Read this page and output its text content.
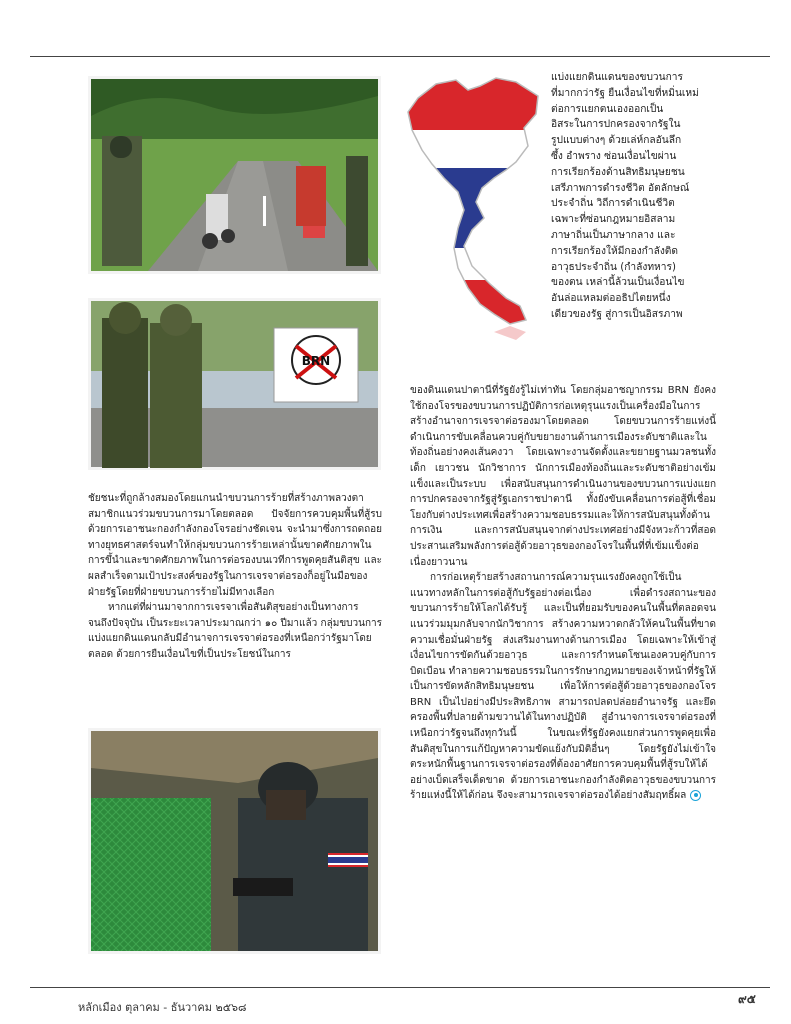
BRN

แบ่งแยกดินแดนของขบวนการ

ที่มากกว่ารัฐ ยืนเงื่อนไขที่หมิ่นเหม่

ต่อการแยกตนเองออกเป็น

อิสระในการปกครองจากรัฐใน

รูปแบบต่างๆ ด้วยเล่ห์กลอันลึก

ซึ้ง อำพราง ซ่อนเงื่อนไขผ่าน

การเรียกร้องด้านสิทธิมนุษยชน

เสรีภาพการดำรงชีวิต อัตลักษณ์

ประจำถิ่น วิถีการดำเนินชีวิต

เฉพาะที่ซ่อนกฎหมายอิสลาม

ภาษาถิ่นเป็นภาษากลาง และ

การเรียกร้องให้มีกองกำลังติด

อาวุธประจำถิ่น (กำลังทหาร)

ของตน เหล่านี้ล้วนเป็นเงื่อนไข

อันล่อแหลมต่ออธิปไตยหนึ่ง

เดียวของรัฐ สู่การเป็นอิสรภาพ

ของดินแดนปาตานีที่รัฐยังรู้ไม่เท่าทัน โดยกลุ่มอาชญากรรม BRN ยังคงใช้กองโจรของขบวนการปฏิบัติการก่อเหตุรุนแรงเป็นเครื่องมือในการสร้างอำนาจการเจรจาต่อรองมาโดยตลอด โดยขบวนการร้ายแห่งนี้ดำเนินการขับเคลื่อนควบคู่กับขยายงานด้านการเมืองระดับชาติและในท้องถิ่นอย่างคงเส้นคงวา โดยเฉพาะงานจัดตั้งและขยายฐานมวลชนทั้งเด็ก เยาวชน นักวิชาการ นักการเมืองท้องถิ่นและระดับชาติอย่างเข้มแข็งและเป็นระบบ เพื่อสนับสนุนการดำเนินงานของขบวนการแบ่งแยกการปกครองจากรัฐสู่รัฐเอกราชปาตานี ทั้งยังขับเคลื่อนการต่อสู้ที่เชื่อมโยงกับต่างประเทศเพื่อสร้างความชอบธรรมและให้การสนับสนุนทั้งด้านการเงิน และการสนับสนุนจากต่างประเทศอย่างมีจังหวะก้าวที่สอดประสานเสริมพลังการต่อสู้ด้วยอาวุธของกองโจรในพื้นที่ที่เข้มแข็งต่อเนื่องยาวนาน

การก่อเหตุร้ายสร้างสถานการณ์ความรุนแรงยังคงถูกใช้เป็นแนวทางหลักในการต่อสู้กับรัฐอย่างต่อเนื่อง เพื่อดำรงสถานะของขบวนการร้ายให้โลกได้รับรู้ และเป็นที่ยอมรับของคนในพื้นที่ตลอดจนแนวร่วมมุมกลับจากนักวิชาการ สร้างความหวาดกลัวให้คนในพื้นที่ขาดความเชื่อมั่นฝ่ายรัฐ ส่งเสริมงานทางด้านการเมือง โดยเฉพาะให้เข้าสู่เงื่อนไขการขัดกันด้วยอาวุธ และการกำหนดโซนเองควบคู่กับการบิดเบือน ทำลายความชอบธรรมในการรักษากฎหมายของเจ้าหน้าที่รัฐให้เป็นการขัดหลักสิทธิมนุษยชน เพื่อให้การต่อสู้ด้วยอาวุธของกองโจร BRN เป็นไปอย่างมีประสิทธิภาพ สามารถปลดปล่อยอำนาจรัฐ และยึดครองพื้นที่ปลายด้ามขวานได้ในทางปฏิบัติ สู่อำนาจการเจรจาต่อรองที่เหนือกว่ารัฐจนถึงทุกวันนี้ ในขณะที่รัฐยังคงแยกส่วนการพูดคุยเพื่อสันติสุขในการแก้ปัญหาความขัดแย้งกับมิติอื่นๆ โดยรัฐยังไม่เข้าใจตระหนักพื้นฐานการเจรจาต่อรองที่ต้องอาศัยการควบคุมพื้นที่สู้รบให้ได้อย่างเบ็ดเสร็จเด็ดขาด ด้วยการเอาชนะกองกำลังติดอาวุธของขบวนการร้ายแห่งนี้ให้ได้ก่อน จึงจะสามารถเจรจาต่อรองได้อย่างสัมฤทธิ์ผล

ชัยชนะที่ถูกล้างสมองโดยแกนนำขบวนการร้ายที่สร้างภาพลวงตาสมาชิกแนวร่วมขบวนการมาโดยตลอด ปัจจัยการควบคุมพื้นที่สู้รบด้วยการเอาชนะกองกำลังกองโจรอย่างชัดเจน จะนำมาซึ่งการถดถอยทางยุทธศาสตร์จนทำให้กลุ่มขบวนการร้ายเหล่านั้นขาดศักยภาพในการขึ้นำและขาดศักยภาพในการต่อรองบนเวทีการพูดคุยสันติสุข และผลสำเร็จตามเป้าประสงค์ของรัฐในการเจรจาต่อรองก็อยู่ในมือของฝ่ายรัฐโดยที่ฝ่ายขบวนการร้ายไม่มีทางเลือก

หากแต่ที่ผ่านมาจากการเจรจาเพื่อสันติสุขอย่างเป็นทางการจนถึงปัจจุบัน เป็นระยะเวลาประมาณกว่า ๑๐ ปีมาแล้ว กลุ่มขบวนการแบ่งแยกดินแดนกลับมีอำนาจการเจรจาต่อรองที่เหนือกว่ารัฐมาโดยตลอด ด้วยการยืนเงื่อนไขที่เป็นประโยชน์ในการ

หลักเมือง ตุลาคม - ธันวาคม ๒๕๖๘
๙๕
